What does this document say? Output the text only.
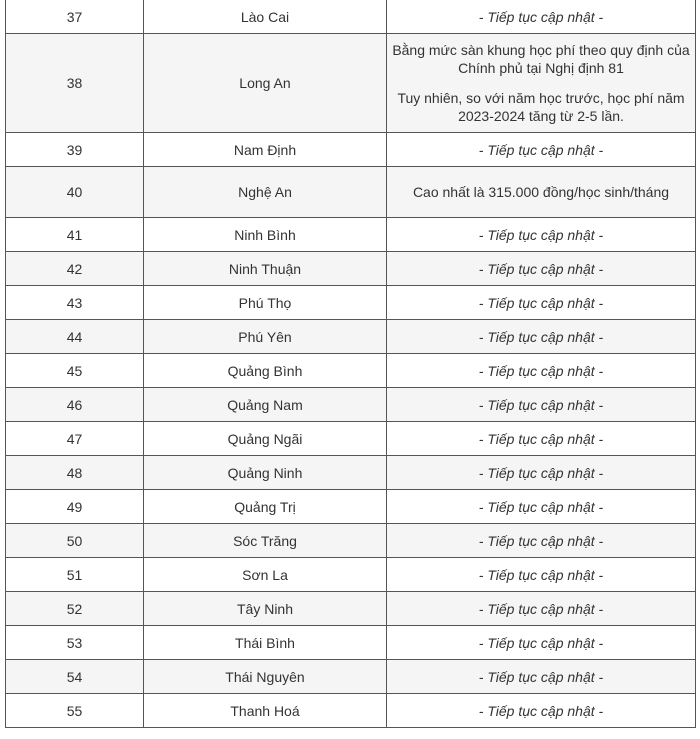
37	Lào Cai	- Tiếp tục cập nhật -
38	Long An	Bằng mức sàn khung học phí theo quy định của Chính phủ tại Nghị định 81

Tuy nhiên, so với năm học trước, học phí năm 2023-2024 tăng từ 2-5 lần.

39	Nam Định	- Tiếp tục cập nhật -
40	Nghệ An	Cao nhất là 315.000 đồng/học sinh/tháng
41	Ninh Bình	- Tiếp tục cập nhật -
42	Ninh Thuận	- Tiếp tục cập nhật -
43	Phú Thọ	- Tiếp tục cập nhật -
44	Phú Yên	- Tiếp tục cập nhật -
45	Quảng Bình	- Tiếp tục cập nhật -
46	Quảng Nam	- Tiếp tục cập nhật -
47	Quảng Ngãi	- Tiếp tục cập nhật -
48	Quảng Ninh	- Tiếp tục cập nhật -
49	Quảng Trị	- Tiếp tục cập nhật -
50	Sóc Trăng	- Tiếp tục cập nhật -
51	Sơn La	- Tiếp tục cập nhật -
52	Tây Ninh	- Tiếp tục cập nhật -
53	Thái Bình	- Tiếp tục cập nhật -
54	Thái Nguyên	- Tiếp tục cập nhật -
55	Thanh Hoá	- Tiếp tục cập nhật -
